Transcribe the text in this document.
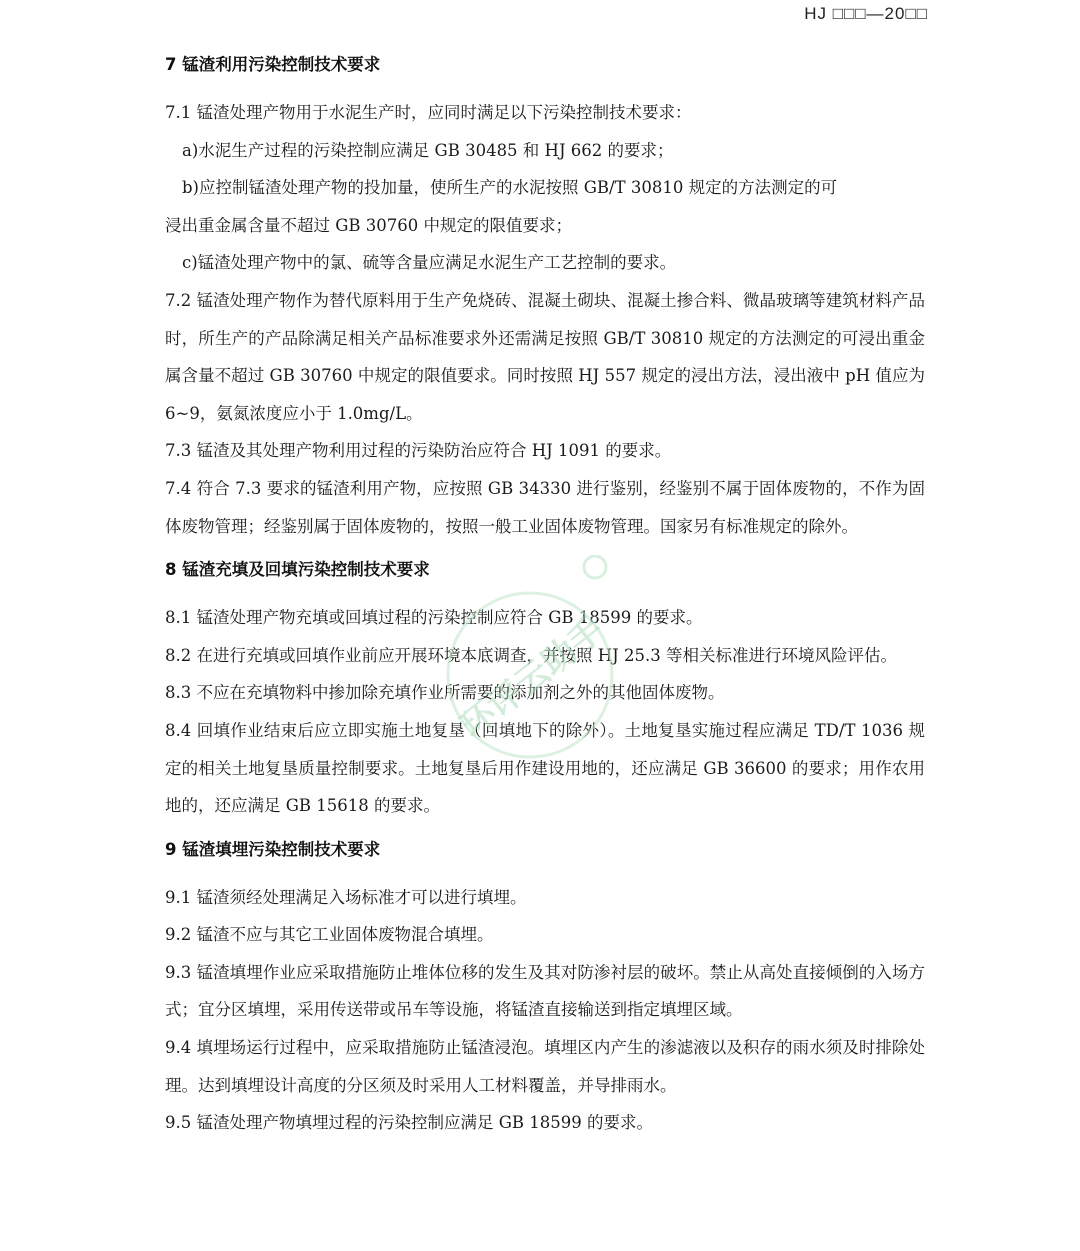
HJ □□□—20□□
7 锰渣利用污染控制技术要求

7.1 锰渣处理产物用于水泥生产时，应同时满足以下污染控制技术要求：

a)水泥生产过程的污染控制应满足 GB 30485 和 HJ 662 的要求；

b)应控制锰渣处理产物的投加量，使所生产的水泥按照 GB/T 30810 规定的方法测定的可

浸出重金属含量不超过 GB 30760 中规定的限值要求；

c)锰渣处理产物中的氯、硫等含量应满足水泥生产工艺控制的要求。

7.2 锰渣处理产物作为替代原料用于生产免烧砖、混凝土砌块、混凝土掺合料、微晶玻璃等建筑材料产品时，所生产的产品除满足相关产品标准要求外还需满足按照 GB/T 30810 规定的方法测定的可浸出重金属含量不超过 GB 30760 中规定的限值要求。同时按照 HJ 557 规定的浸出方法，浸出液中 pH 值应为 6~9，氨氮浓度应小于 1.0mg/L。

7.3 锰渣及其处理产物利用过程的污染防治应符合 HJ 1091 的要求。

7.4 符合 7.3 要求的锰渣利用产物，应按照 GB 34330 进行鉴别，经鉴别不属于固体废物的，不作为固体废物管理；经鉴别属于固体废物的，按照一般工业固体废物管理。国家另有标准规定的除外。

8 锰渣充填及回填污染控制技术要求

8.1 锰渣处理产物充填或回填过程的污染控制应符合 GB 18599 的要求。

8.2 在进行充填或回填作业前应开展环境本底调查，并按照 HJ 25.3 等相关标准进行环境风险评估。

8.3 不应在充填物料中掺加除充填作业所需要的添加剂之外的其他固体废物。

8.4 回填作业结束后应立即实施土地复垦（回填地下的除外）。土地复垦实施过程应满足 TD/T 1036 规定的相关土地复垦质量控制要求。土地复垦后用作建设用地的，还应满足 GB 36600 的要求；用作农用地的，还应满足 GB 15618 的要求。

9 锰渣填埋污染控制技术要求

9.1 锰渣须经处理满足入场标准才可以进行填埋。

9.2 锰渣不应与其它工业固体废物混合填埋。

9.3 锰渣填埋作业应采取措施防止堆体位移的发生及其对防渗衬层的破坏。禁止从高处直接倾倒的入场方式；宜分区填埋，采用传送带或吊车等设施，将锰渣直接输送到指定填埋区域。

9.4 填埋场运行过程中，应采取措施防止锰渣浸泡。填埋区内产生的渗滤液以及积存的雨水须及时排除处理。达到填埋设计高度的分区须及时采用人工材料覆盖，并导排雨水。

9.5 锰渣处理产物填埋过程的污染控制应满足 GB 18599 的要求。

环评云助手
大数跨境
